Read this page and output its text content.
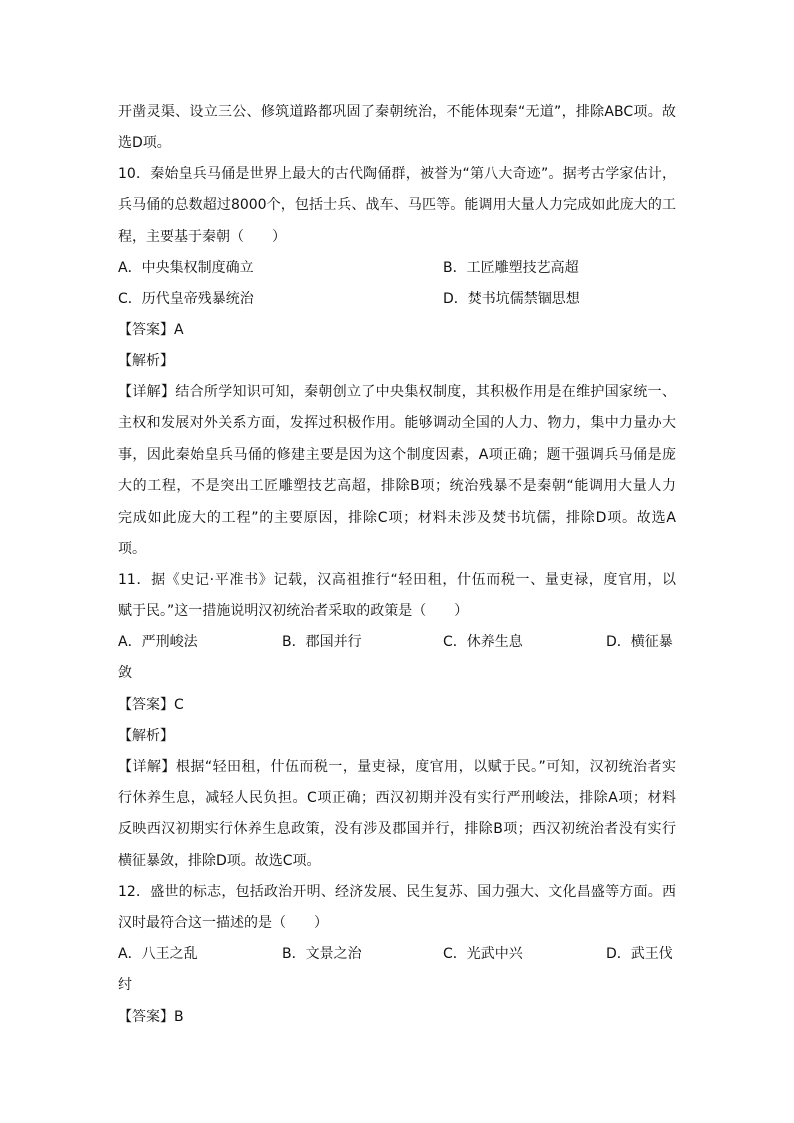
开凿灵渠、设立三公、修筑道路都巩固了秦朝统治，不能体现秦“无道”，排除ABC项。故
选D项。
10．秦始皇兵马俑是世界上最大的古代陶俑群，被誉为“第八大奇迹”。据考古学家估计，
兵马俑的总数超过8000个，包括士兵、战车、马匹等。能调用大量人力完成如此庞大的工
程，主要基于秦朝（　　）
A．中央集权制度确立	B．工匠雕塑技艺高超
C．历代皇帝残暴统治	D．焚书坑儒禁锢思想
【答案】A
【解析】
【详解】结合所学知识可知，秦朝创立了中央集权制度，其积极作用是在维护国家统一、
主权和发展对外关系方面，发挥过积极作用。能够调动全国的人力、物力，集中力量办大
事，因此秦始皇兵马俑的修建主要是因为这个制度因素，A项正确；题干强调兵马俑是庞
大的工程，不是突出工匠雕塑技艺高超，排除B项；统治残暴不是秦朝“能调用大量人力
完成如此庞大的工程”的主要原因，排除C项；材料未涉及焚书坑儒，排除D项。故选A
项。
11．据《史记·平准书》记载，汉高祖推行“轻田租，什伍而税一、量吏禄，度官用，以
赋于民。”这一措施说明汉初统治者采取的政策是（　　）
A．严刑峻法	B．郡国并行	C．休养生息	D．横征暴
敛
【答案】C
【解析】
【详解】根据“轻田租，什伍而税一，量吏禄，度官用，以赋于民。”可知，汉初统治者实
行休养生息，减轻人民负担。C项正确；西汉初期并没有实行严刑峻法，排除A项；材料
反映西汉初期实行休养生息政策，没有涉及郡国并行，排除B项；西汉初统治者没有实行
横征暴敛，排除D项。故选C项。
12．盛世的标志，包括政治开明、经济发展、民生复苏、国力强大、文化昌盛等方面。西
汉时最符合这一描述的是（　　）
A．八王之乱	B．文景之治	C．光武中兴	D．武王伐
纣
【答案】B
